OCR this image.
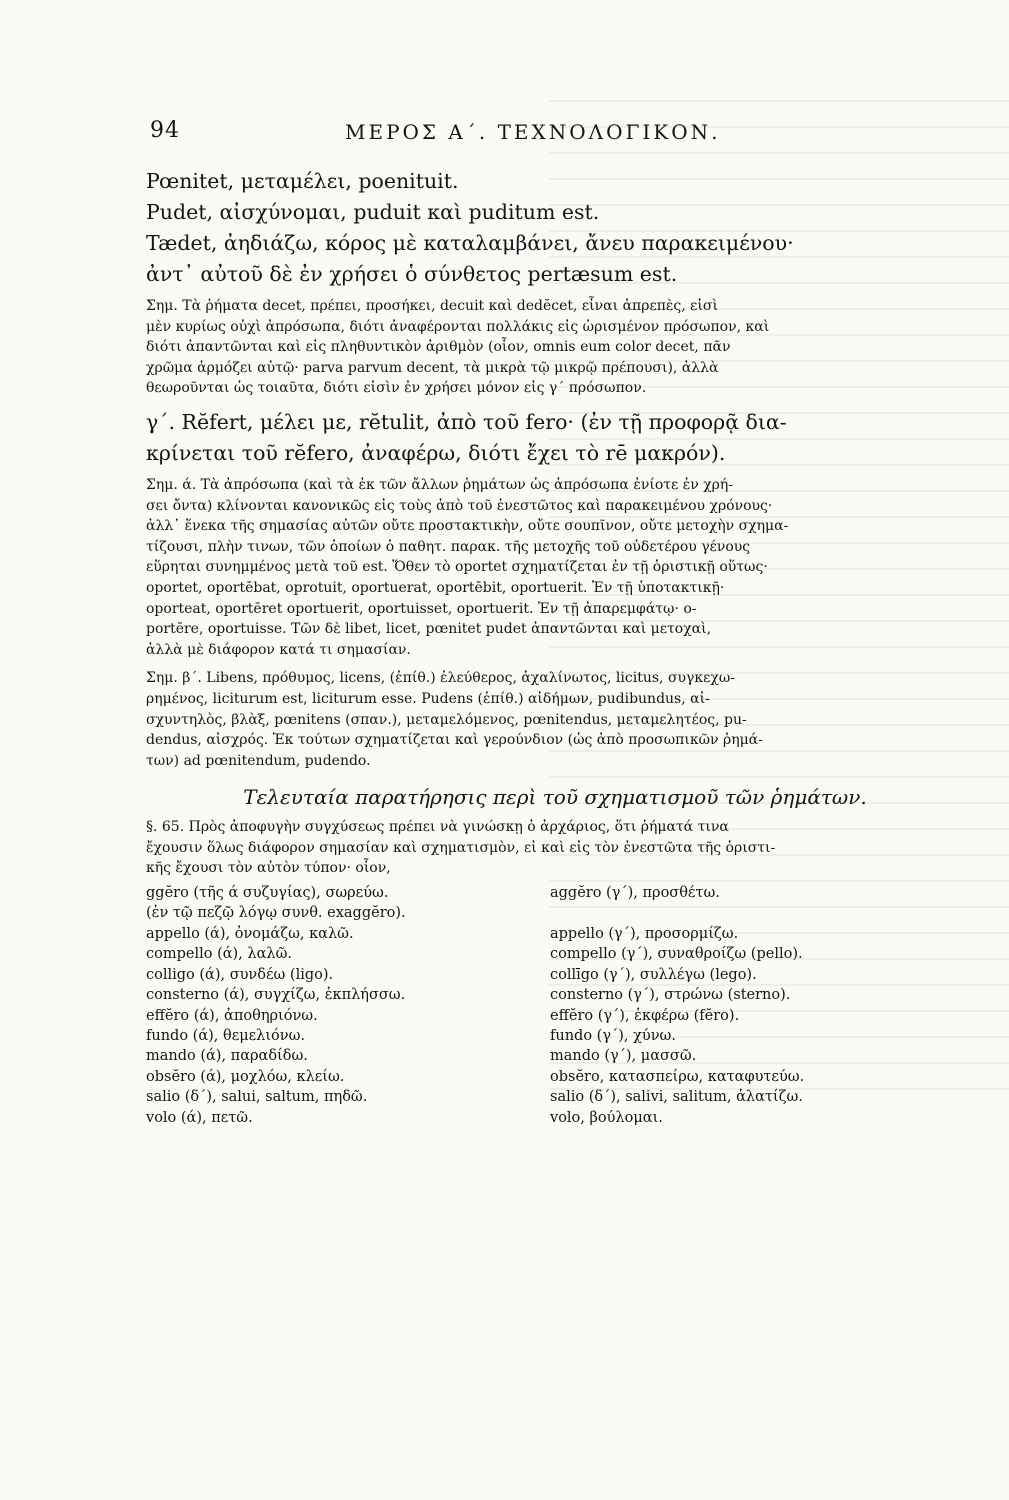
94	ΜΕΡΟΣ Α΄. ΤΕΧΝΟΛΟΓΙΚΟΝ.

Pœnitet, μεταμέλει, poenituit.

Pudet, αἰσχύνομαι, puduit καὶ puditum est.

Tædet, ἀηδιάζω, κόρος μὲ καταλαμβάνει, ἄνευ παρακειμένου·

ἀντ᾽ αὐτοῦ δὲ ἐν χρήσει ὁ σύνθετος pertæsum est.

Σημ. Τὰ ῥήματα decet, πρέπει, προσήκει, decuit καὶ dedĕcet, εἶναι ἀπρεπὲς, εἰσὶ
μὲν κυρίως οὐχὶ ἀπρόσωπα, διότι ἀναφέρονται πολλάκις εἰς ὡρισμένον πρόσωπον, καὶ
διότι ἀπαντῶνται καὶ εἰς πληθυντικὸν ἀριθμὸν (οἷον, omnis eum color decet, πᾶν
χρῶμα ἁρμόζει αὐτῷ· parva parvum decent, τὰ μικρὰ τῷ μικρῷ πρέπουσι), ἀλλὰ
θεωροῦνται ὡς τοιαῦτα, διότι εἰσὶν ἐν χρήσει μόνον εἰς γ΄ πρόσωπον.

γ΄. Rĕfert, μέλει με, rĕtulit, ἀπὸ τοῦ fero· (ἐν τῇ προφορᾷ δια-

κρίνεται τοῦ rĕfero, ἀναφέρω, διότι ἔχει τὸ rē μακρόν).

Σημ. ά. Τὰ ἀπρόσωπα (καὶ τὰ ἐκ τῶν ἄλλων ῥημάτων ὡς ἀπρόσωπα ἐνίοτε ἐν χρή-
σει ὄντα) κλίνονται κανονικῶς εἰς τοὺς ἀπὸ τοῦ ἐνεστῶτος καὶ παρακειμένου χρόνους·
ἀλλ᾽ ἕνεκα τῆς σημασίας αὐτῶν οὔτε προστακτικὴν, οὔτε σουπῖνον, οὔτε μετοχὴν σχημα-
τίζουσι, πλὴν τινων, τῶν ὁποίων ὁ παθητ. παρακ. τῆς μετοχῆς τοῦ οὐδετέρου γένους
εὕρηται συνημμένος μετὰ τοῦ est. Ὅθεν τὸ oportet σχηματίζεται ἐν τῇ ὁριστικῇ οὕτως·
oportet, oportēbat, oprotuit, oportuerat, oportēbit, oportuerit. Ἐν τῇ ὑποτακτικῇ·
oporteat, oportēret oportuerit, oportuisset, oportuerit. Ἐν τῇ ἀπαρεμφάτῳ· o-
portēre, oportuisse. Τῶν δὲ libet, licet, pœnitet pudet ἀπαντῶνται καὶ μετοχαὶ,
ἀλλὰ μὲ διάφορον κατά τι σημασίαν.
Σημ. β΄. Libens, πρόθυμος, licens, (ἐπίθ.) ἐλεύθερος, ἀχαλίνωτος, licitus, συγκεχω-
ρημένος, liciturum est, liciturum esse. Pudens (ἐπίθ.) αἰδήμων, pudibundus, αἰ-
σχυντηλὸς, βλὰξ, pœnitens (σπαν.), μεταμελόμενος, pœnitendus, μεταμελητέος, pu-
dendus, αἰσχρός. Ἐκ τούτων σχηματίζεται καὶ γερούνδιον (ὡς ἀπὸ προσωπικῶν ῥημά-
των) ad pœnitendum, pudendo.
Τελευταία παρατήρησις περὶ τοῦ σχηματισμοῦ τῶν ῥημάτων.
§. 65. Πρὸς ἀποφυγὴν συγχύσεως πρέπει νὰ γινώσκῃ ὁ ἀρχάριος, ὅτι ῥήματά τινα
ἔχουσιν ὅλως διάφορον σημασίαν καὶ σχηματισμὸν, εἰ καὶ εἰς τὸν ἐνεστῶτα τῆς ὁριστι-
κῆς ἔχουσι τὸν αὐτὸν τύπον· οἷον,
ggĕro (τῆς ά συζυγίας), σωρεύω.	aggĕro (γ΄), προσθέτω.
(ἐν τῷ πεζῷ λόγῳ συνθ. exaggĕro).	
appello (ά), ὀνομάζω, καλῶ.	appello (γ΄), προσορμίζω.
compello (ά), λαλῶ.	compello (γ΄), συναθροίζω (pello).
colligo (ά), συνδέω (ligo).	collīgo (γ΄), συλλέγω (lego).
consterno (ά), συγχίζω, ἐκπλήσσω.	consterno (γ΄), στρώνω (sterno).
effĕro (ά), ἀποθηριόνω.	effĕro (γ΄), ἐκφέρω (fĕro).
fundo (ά), θεμελιόνω.	fundo (γ΄), χύνω.
mando (ά), παραδίδω.	mando (γ΄), μασσῶ.
obsĕro (ά), μοχλόω, κλείω.	obsĕro, κατασπείρω, καταφυτεύω.
salio (δ΄), salui, saltum, πηδῶ.	salio (δ΄), salivi, salitum, ἁλατίζω.
volo (ά), πετῶ.	volo, βούλομαι.
